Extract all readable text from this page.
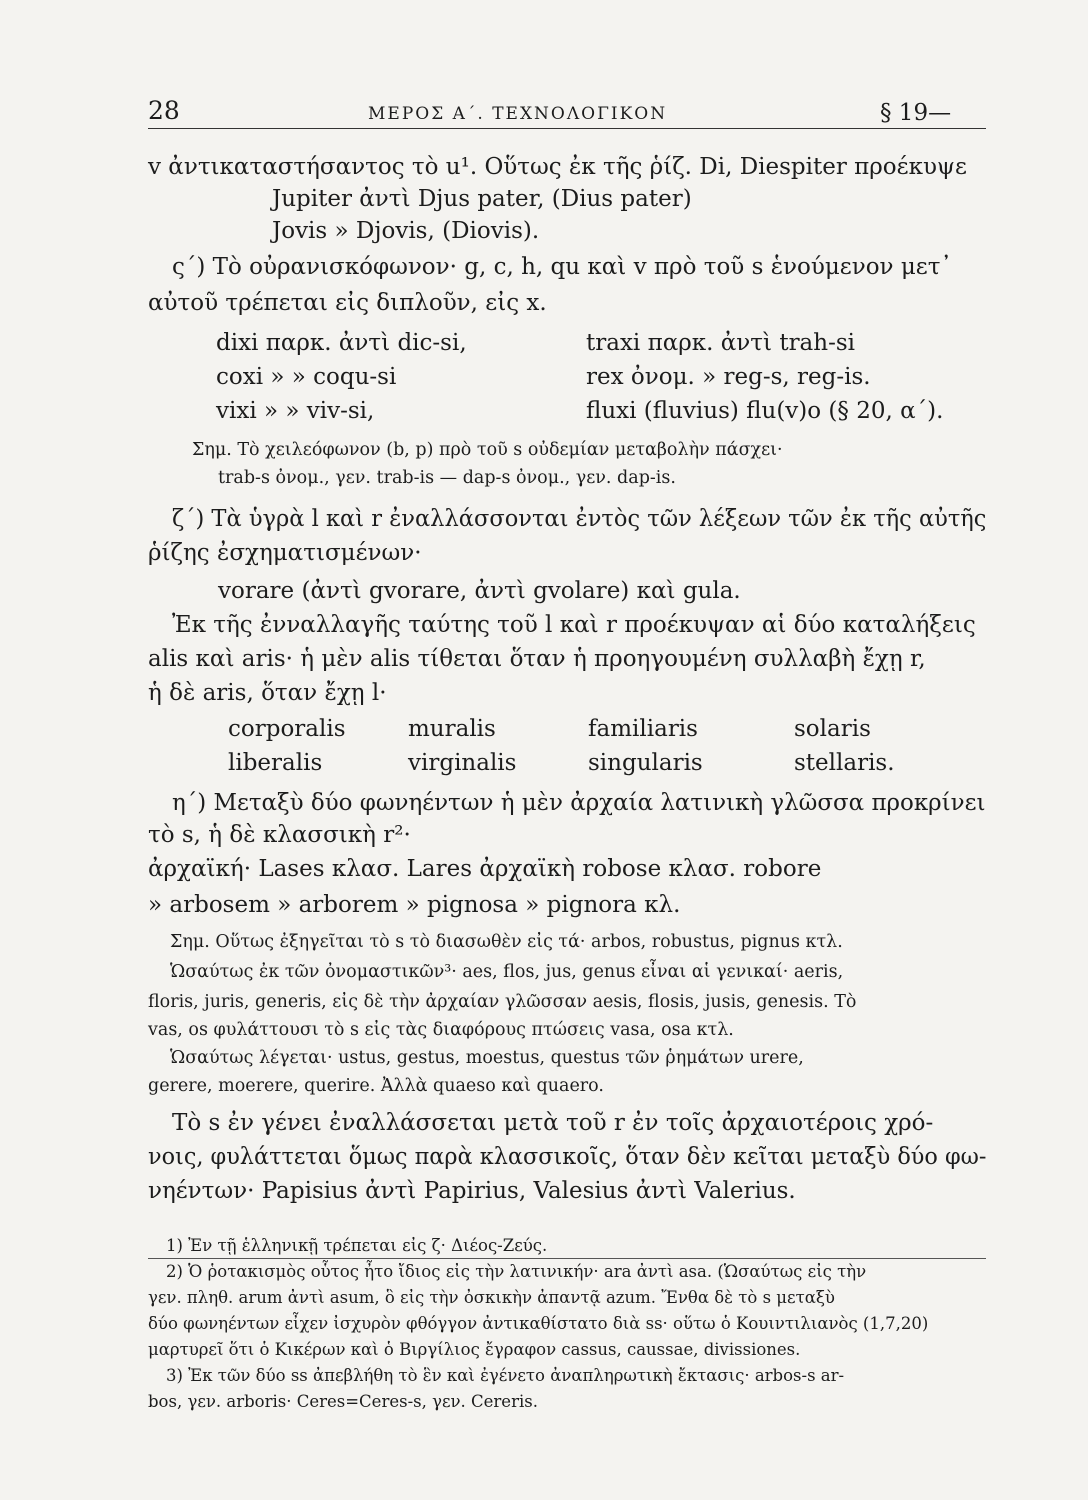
28	ΜΕΡΟΣ Α΄. ΤΕΧΝΟΛΟΓΙΚΟΝ	§ 19—
v ἀντικαταστήσαντος τὸ u¹. Οὕτως ἐκ τῆς ῥίζ. Di, Diespiter προέκυψε
Jupiter ἀντὶ Djus pater, (Dius pater)
Jovis » Djovis, (Diovis).
ς΄) Τὸ οὐρανισκόφωνον· g, c, h, qu καὶ v πρὸ τοῦ s ἑνούμενον μετ᾿
αὐτοῦ τρέπεται εἰς διπλοῦν, εἰς x.
dixi παρκ. ἀντὶ dic-si,	traxi παρκ. ἀντὶ trah-si
coxi » » coqu-si	rex ὀνομ. » reg-s, reg-is.
vixi » » viv-si,	fluxi (fluvius) flu(v)o (§ 20, α΄).
Σημ. Τὸ χειλεόφωνον (b, p) πρὸ τοῦ s οὐδεμίαν μεταβολὴν πάσχει·
trab-s ὀνομ., γεν. trab-is — dap-s ὀνομ., γεν. dap-is.
ζ΄) Τὰ ὑγρὰ l καὶ r ἐναλλάσσονται ἐντὸς τῶν λέξεων τῶν ἐκ τῆς αὐτῆς
ῥίζης ἐσχηματισμένων·
vorare (ἀντὶ gvorare, ἀντὶ gvolare) καὶ gula.
Ἐκ τῆς ἐνναλλαγῆς ταύτης τοῦ l καὶ r προέκυψαν αἱ δύο καταλήξεις
alis καὶ aris· ἡ μὲν alis τίθεται ὅταν ἡ προηγουμένη συλλαβὴ ἔχῃ r,
ἡ δὲ aris, ὅταν ἔχῃ l·
corporalis	muralis	familiaris	solaris
liberalis	virginalis	singularis	stellaris.
η΄) Μεταξὺ δύο φωνηέντων ἡ μὲν ἀρχαία λατινικὴ γλῶσσα προκρίνει
τὸ s, ἡ δὲ κλασσικὴ r²·
ἀρχαϊκή· Lases κλασ. Lares ἀρχαϊκὴ robose κλασ. robore
» arbosem » arborem » pignosa » pignora κλ.
Σημ. Οὕτως ἐξηγεῖται τὸ s τὸ διασωθὲν εἰς τά· arbos, robustus, pignus κτλ.
Ὡσαύτως ἐκ τῶν ὀνομαστικῶν³· aes, flos, jus, genus εἶναι αἱ γενικαί· aeris,
floris, juris, generis, εἰς δὲ τὴν ἀρχαίαν γλῶσσαν aesis, flosis, jusis, genesis. Τὸ
vas, os φυλάττουσι τὸ s εἰς τὰς διαφόρους πτώσεις vasa, osa κτλ.
Ὡσαύτως λέγεται· ustus, gestus, moestus, questus τῶν ῥημάτων urere,
gerere, moerere, querire. Ἀλλὰ quaeso καὶ quaero.
Τὸ s ἐν γένει ἐναλλάσσεται μετὰ τοῦ r ἐν τοῖς ἀρχαιοτέροις χρό-
νοις, φυλάττεται ὅμως παρὰ κλασσικοῖς, ὅταν δὲν κεῖται μεταξὺ δύο φω-
νηέντων· Papisius ἀντὶ Papirius, Valesius ἀντὶ Valerius.
1) Ἐν τῇ ἑλληνικῇ τρέπεται εἰς ζ· Διέος-Ζεύς.
2) Ὁ ῥοτακισμὸς οὗτος ἦτο ἴδιος εἰς τὴν λατινικήν· ara ἀντὶ asa. (Ὡσαύτως εἰς τὴν
γεν. πληθ. arum ἀντὶ asum, ὃ εἰς τὴν ὀσκικὴν ἀπαντᾷ azum. Ἔνθα δὲ τὸ s μεταξὺ
δύο φωνηέντων εἶχεν ἰσχυρὸν φθόγγον ἀντικαθίστατο διὰ ss· οὕτω ὁ Κουιντιλιανὸς (1,7,20)
μαρτυρεῖ ὅτι ὁ Κικέρων καὶ ὁ Βιργίλιος ἔγραφον cassus, caussae, divissiones.
3) Ἐκ τῶν δύο ss ἀπεβλήθη τὸ ἓν καὶ ἐγένετο ἀναπληρωτικὴ ἔκτασις· arbos-s ar-
bos, γεν. arboris· Ceres=Ceres-s, γεν. Cereris.
